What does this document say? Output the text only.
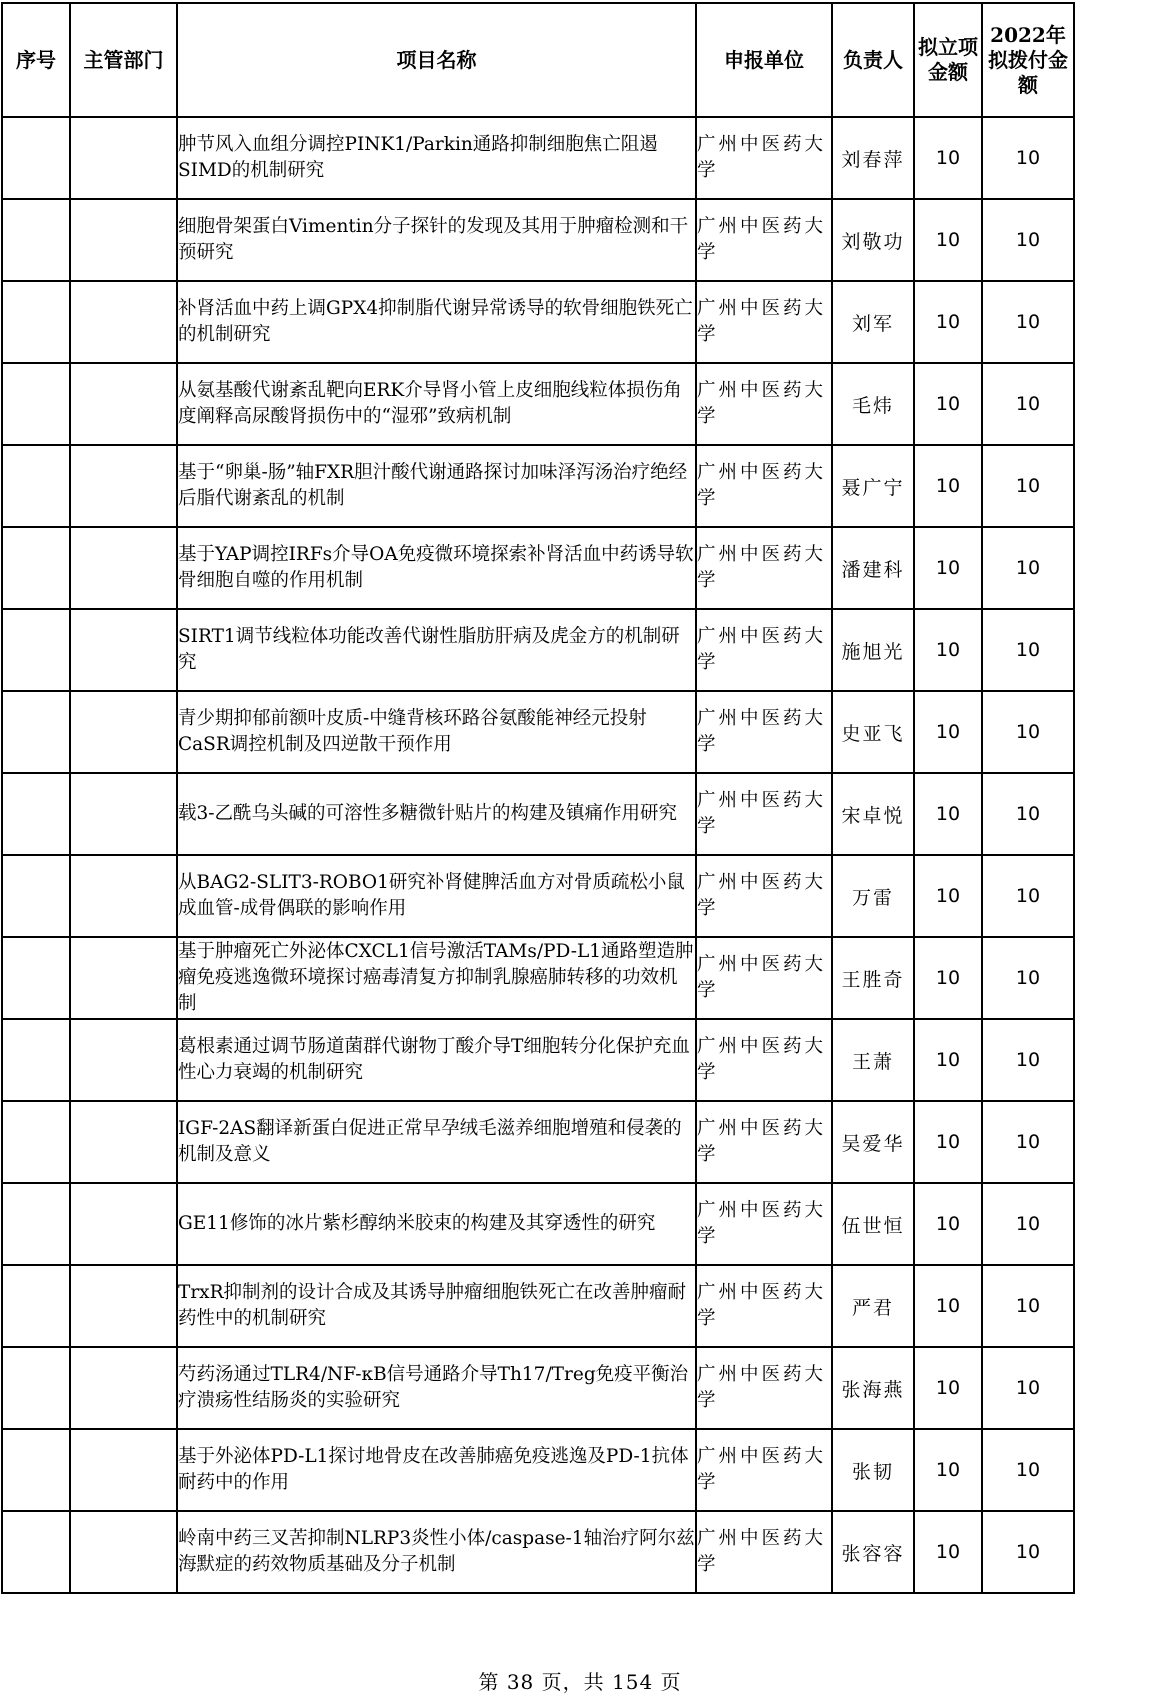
序号	主管部门	项目名称	申报单位	负责人	拟立项金额	2022年拟拨付金额
		肿节风入血组分调控PINK1/Parkin通路抑制细胞焦亡阻遏SIMD的机制研究	广州中医药大学	刘春萍	10	10
		细胞骨架蛋白Vimentin分子探针的发现及其用于肿瘤检测和干预研究	广州中医药大学	刘敬功	10	10
		补肾活血中药上调GPX4抑制脂代谢异常诱导的软骨细胞铁死亡的机制研究	广州中医药大学	刘军	10	10
		从氨基酸代谢紊乱靶向ERK介导肾小管上皮细胞线粒体损伤角度阐释高尿酸肾损伤中的“湿邪”致病机制	广州中医药大学	毛炜	10	10
		基于“卵巢-肠”轴FXR胆汁酸代谢通路探讨加味泽泻汤治疗绝经后脂代谢紊乱的机制	广州中医药大学	聂广宁	10	10
		基于YAP调控IRFs介导OA免疫微环境探索补肾活血中药诱导软骨细胞自噬的作用机制	广州中医药大学	潘建科	10	10
		SIRT1调节线粒体功能改善代谢性脂肪肝病及虎金方的机制研究	广州中医药大学	施旭光	10	10
		青少期抑郁前额叶皮质-中缝背核环路谷氨酸能神经元投射CaSR调控机制及四逆散干预作用	广州中医药大学	史亚飞	10	10
		载3-乙酰乌头碱的可溶性多糖微针贴片的构建及镇痛作用研究	广州中医药大学	宋卓悦	10	10
		从BAG2-SLIT3-ROBO1研究补肾健脾活血方对骨质疏松小鼠成血管-成骨偶联的影响作用	广州中医药大学	万雷	10	10
		基于肿瘤死亡外泌体CXCL1信号激活TAMs/PD-L1通路塑造肿瘤免疫逃逸微环境探讨癌毒清复方抑制乳腺癌肺转移的功效机制	广州中医药大学	王胜奇	10	10
		葛根素通过调节肠道菌群代谢物丁酸介导T细胞转分化保护充血性心力衰竭的机制研究	广州中医药大学	王萧	10	10
		IGF-2AS翻译新蛋白促进正常早孕绒毛滋养细胞增殖和侵袭的机制及意义	广州中医药大学	吴爱华	10	10
		GE11修饰的冰片紫杉醇纳米胶束的构建及其穿透性的研究	广州中医药大学	伍世恒	10	10
		TrxR抑制剂的设计合成及其诱导肿瘤细胞铁死亡在改善肿瘤耐药性中的机制研究	广州中医药大学	严君	10	10
		芍药汤通过TLR4/NF-κB信号通路介导Th17/Treg免疫平衡治疗溃疡性结肠炎的实验研究	广州中医药大学	张海燕	10	10
		基于外泌体PD-L1探讨地骨皮在改善肺癌免疫逃逸及PD-1抗体耐药中的作用	广州中医药大学	张韧	10	10
		岭南中药三叉苦抑制NLRP3炎性小体/caspase-1轴治疗阿尔兹海默症的药效物质基础及分子机制	广州中医药大学	张容容	10	10
第 38 页，共 154 页
